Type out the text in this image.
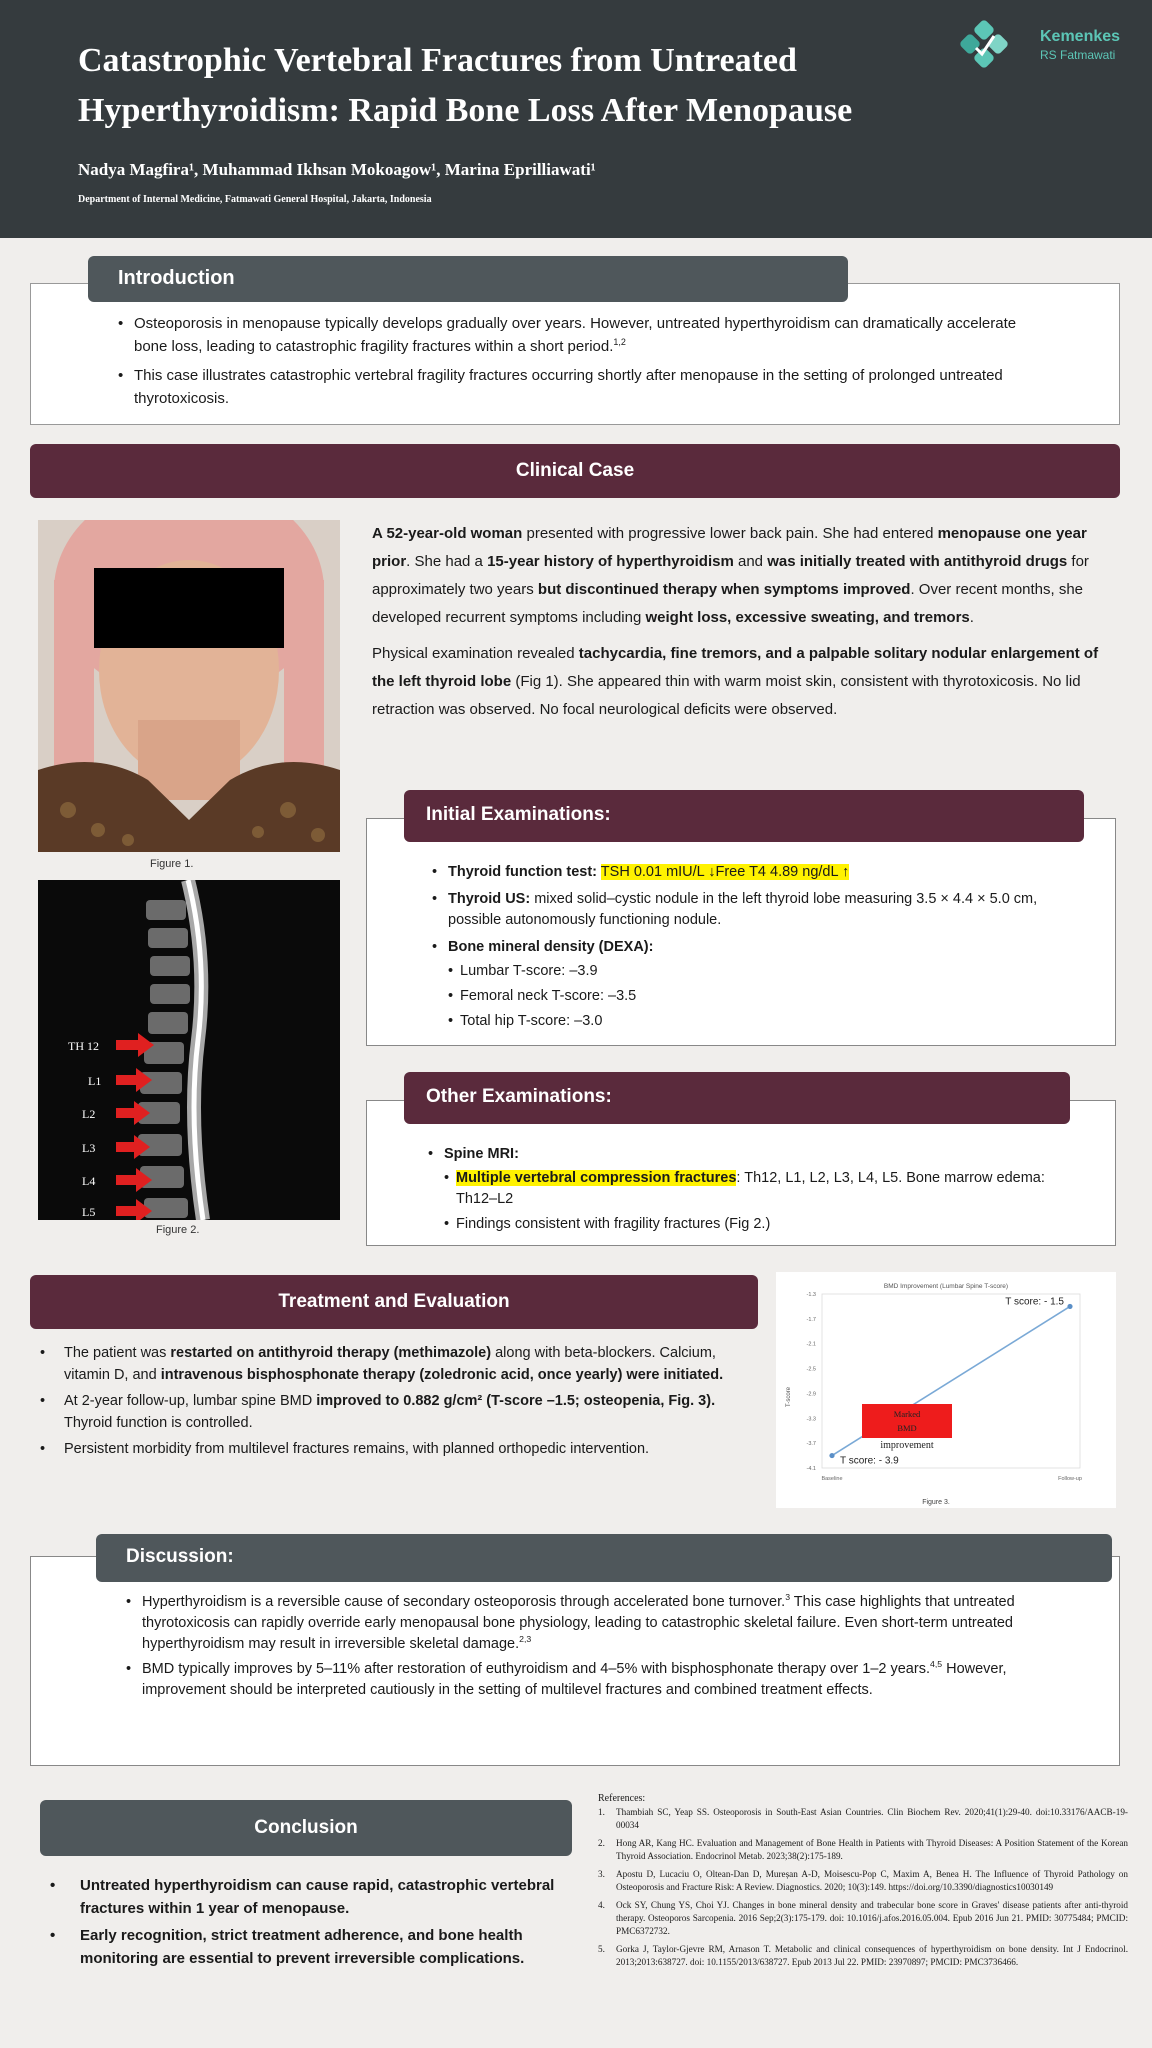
Catastrophic Vertebral Fractures from Untreated Hyperthyroidism: Rapid Bone Loss After Menopause
Nadya Magfira¹, Muhammad Ikhsan Mokoagow¹, Marina Eprilliawati¹
Department of Internal Medicine, Fatmawati General Hospital, Jakarta, Indonesia
Kemenkes
RS Fatmawati
Introduction
• Osteoporosis in menopause typically develops gradually over years. However, untreated hyperthyroidism can dramatically accelerate bone loss, leading to catastrophic fragility fractures within a short period.$^{1,2}$
• This case illustrates catastrophic vertebral fragility fractures occurring shortly after menopause in the setting of prolonged untreated thyrotoxicosis.
Clinical Case
Figure 1.
TH 12
L1
L2
L3
L4
L5
Figure 2.

A 52-year-old woman presented with progressive lower back pain. She had entered menopause one year prior. She had a 15-year history of hyperthyroidism and was initially treated with antithyroid drugs for approximately two years but discontinued therapy when symptoms improved. Over recent months, she developed recurrent symptoms including weight loss, excessive sweating, and tremors.

Physical examination revealed tachycardia, fine tremors, and a palpable solitary nodular enlargement of the left thyroid lobe (Fig 1). She appeared thin with warm moist skin, consistent with thyrotoxicosis. No lid retraction was observed. No focal neurological deficits were observed.

Initial Examinations:
• Thyroid function test: TSH 0.01 mIU/L ↓Free T4 4.89 ng/dL ↑
• Thyroid US: mixed solid–cystic nodule in the left thyroid lobe measuring 3.5 × 4.4 × 5.0 cm, possible autonomously functioning nodule.
• Bone mineral density (DEXA):
• Lumbar T-score: –3.9
• Femoral neck T-score: –3.5
• Total hip T-score: –3.0
Other Examinations:
• Spine MRI:
• Multiple vertebral compression fractures: Th12, L1, L2, L3, L4, L5. Bone marrow edema: Th12–L2
• Findings consistent with fragility fractures (Fig 2.)
Treatment and Evaluation
• The patient was restarted on antithyroid therapy (methimazole) along with beta-blockers. Calcium, vitamin D, and intravenous bisphosphonate therapy (zoledronic acid, once yearly) were initiated.
• At 2-year follow-up, lumbar spine BMD improved to 0.882 g/cm² (T-score –1.5; osteopenia, Fig. 3). Thyroid function is controlled.
• Persistent morbidity from multilevel fractures remains, with planned orthopedic intervention.
BMD Improvement (Lumbar Spine T-score)
T-score
Figure 3.
-4.1
-3.7
-3.3
-2.9
-2.5
-2.1
-1.7
-1.3
Baseline	Follow-up
T score: - 3.9
T score: - 1.5
Marked
BMD
improvement
Discussion:
• Hyperthyroidism is a reversible cause of secondary osteoporosis through accelerated bone turnover.$^3$ This case highlights that untreated thyrotoxicosis can rapidly override early menopausal bone physiology, leading to catastrophic skeletal failure. Even short-term untreated hyperthyroidism may result in irreversible skeletal damage.$^{2,3}$
• BMD typically improves by 5–11% after restoration of euthyroidism and 4–5% with bisphosphonate therapy over 1–2 years.$^{4,5}$ However, improvement should be interpreted cautiously in the setting of multilevel fractures and combined treatment effects.
Conclusion
• Untreated hyperthyroidism can cause rapid, catastrophic vertebral fractures within 1 year of menopause.
• Early recognition, strict treatment adherence, and bone health monitoring are essential to prevent irreversible complications.
References:
Thambiah SC, Yeap SS. Osteoporosis in South-East Asian Countries. Clin Biochem Rev. 2020;41(1):29-40. doi:10.33176/AACB-19-00034
Hong AR, Kang HC. Evaluation and Management of Bone Health in Patients with Thyroid Diseases: A Position Statement of the Korean Thyroid Association. Endocrinol Metab. 2023;38(2):175-189.
Apostu D, Lucaciu O, Oltean-Dan D, Mureșan A-D, Moisescu-Pop C, Maxim A, Benea H. The Influence of Thyroid Pathology on Osteoporosis and Fracture Risk: A Review. Diagnostics. 2020; 10(3):149. https://doi.org/10.3390/diagnostics10030149
Ock SY, Chung YS, Choi YJ. Changes in bone mineral density and trabecular bone score in Graves' disease patients after anti-thyroid therapy. Osteoporos Sarcopenia. 2016 Sep;2(3):175-179. doi: 10.1016/j.afos.2016.05.004. Epub 2016 Jun 21. PMID: 30775484; PMCID: PMC6372732.
Gorka J, Taylor-Gjevre RM, Arnason T. Metabolic and clinical consequences of hyperthyroidism on bone density. Int J Endocrinol. 2013;2013:638727. doi: 10.1155/2013/638727. Epub 2013 Jul 22. PMID: 23970897; PMCID: PMC3736466.
